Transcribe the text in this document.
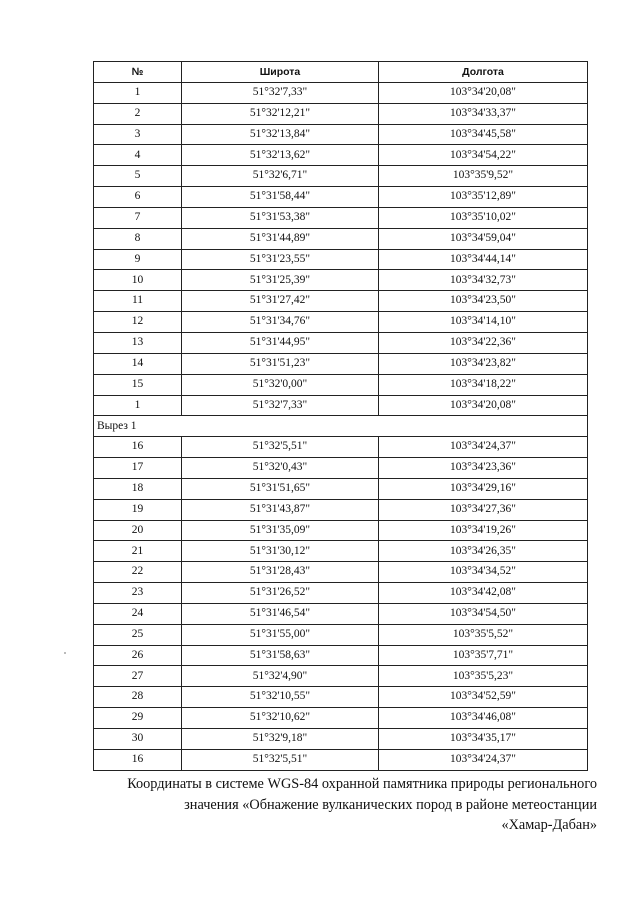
№	Широта	Долгота
1	51°32'7,33"	103°34'20,08"
2	51°32'12,21"	103°34'33,37"
3	51°32'13,84"	103°34'45,58"
4	51°32'13,62"	103°34'54,22"
5	51°32'6,71"	103°35'9,52"
6	51°31'58,44"	103°35'12,89"
7	51°31'53,38"	103°35'10,02"
8	51°31'44,89"	103°34'59,04"
9	51°31'23,55"	103°34'44,14"
10	51°31'25,39"	103°34'32,73"
11	51°31'27,42"	103°34'23,50"
12	51°31'34,76"	103°34'14,10"
13	51°31'44,95"	103°34'22,36"
14	51°31'51,23"	103°34'23,82"
15	51°32'0,00"	103°34'18,22"
1	51°32'7,33"	103°34'20,08"
Вырез 1		
16	51°32'5,51"	103°34'24,37"
17	51°32'0,43"	103°34'23,36"
18	51°31'51,65"	103°34'29,16"
19	51°31'43,87"	103°34'27,36"
20	51°31'35,09"	103°34'19,26"
21	51°31'30,12"	103°34'26,35"
22	51°31'28,43"	103°34'34,52"
23	51°31'26,52"	103°34'42,08"
24	51°31'46,54"	103°34'54,50"
25	51°31'55,00"	103°35'5,52"
26	51°31'58,63"	103°35'7,71"
27	51°32'4,90"	103°35'5,23"
28	51°32'10,55"	103°34'52,59"
29	51°32'10,62"	103°34'46,08"
30	51°32'9,18"	103°34'35,17"
16	51°32'5,51"	103°34'24,37"
Координаты в системе WGS-84 охранной памятника природы регионального
значения «Обнажение вулканических пород в районе метеостанции
«Хамар-Дабан»
